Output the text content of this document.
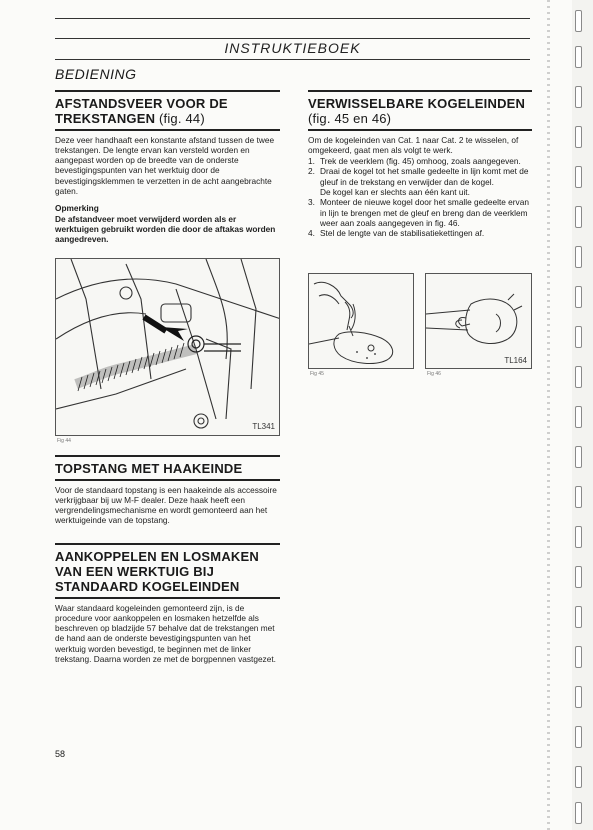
INSTRUKTIEBOEK
BEDIENING
AFSTANDSVEER VOOR DE
TREKSTANGEN (fig. 44)

Deze veer handhaaft een konstante afstand tussen de twee trekstangen. De lengte ervan kan versteld worden en aangepast worden op de breedte van de onderste bevestigingspunten van het werktuig door de bevestigingsklemmen te verzetten in de acht aangebrachte gaten.

Opmerking

De afstandveer moet verwijderd worden als er werktuigen gebruikt worden die door de aftakas worden aangedreven.

TL341
Fig 44
TOPSTANG MET HAAKEINDE

Voor de standaard topstang is een haakeinde als accessoire verkrijgbaar bij uw M-F dealer. Deze haak heeft een vergrendelingsmechanisme en wordt gemonteerd aan het werktuigeinde van de topstang.

AANKOPPELEN EN LOSMAKEN
VAN EEN WERKTUIG BIJ
STANDAARD KOGELEINDEN

Waar standaard kogeleinden gemonteerd zijn, is de procedure voor aankoppelen en losmaken hetzelfde als beschreven op bladzijde 57 behalve dat de trekstangen met de hand aan de onderste bevestigingspunten van het werktuig worden bevestigd, te beginnen met de linker trekstang. Daarna worden ze met de borgpennen vastgezet.

VERWISSELBARE KOGELEINDEN
(fig. 45 en 46)

Om de kogeleinden van Cat. 1 naar Cat. 2 te wisselen, of omgekeerd, gaat men als volgt te werk.

1. Trek de veerklem (fig. 45) omhoog, zoals aangegeven.
2. Draai de kogel tot het smalle gedeelte in lijn komt met de gleuf in de trekstang en verwijder dan de kogel.
De kogel kan er slechts aan één kant uit.
3. Monteer de nieuwe kogel door het smalle gedeelte ervan in lijn te brengen met de gleuf en breng dan de veerklem weer aan zoals aangegeven in fig. 46.
4. Stel de lengte van de stabilisatiekettingen af.
Fig 45
TL164
Fig 46
58
